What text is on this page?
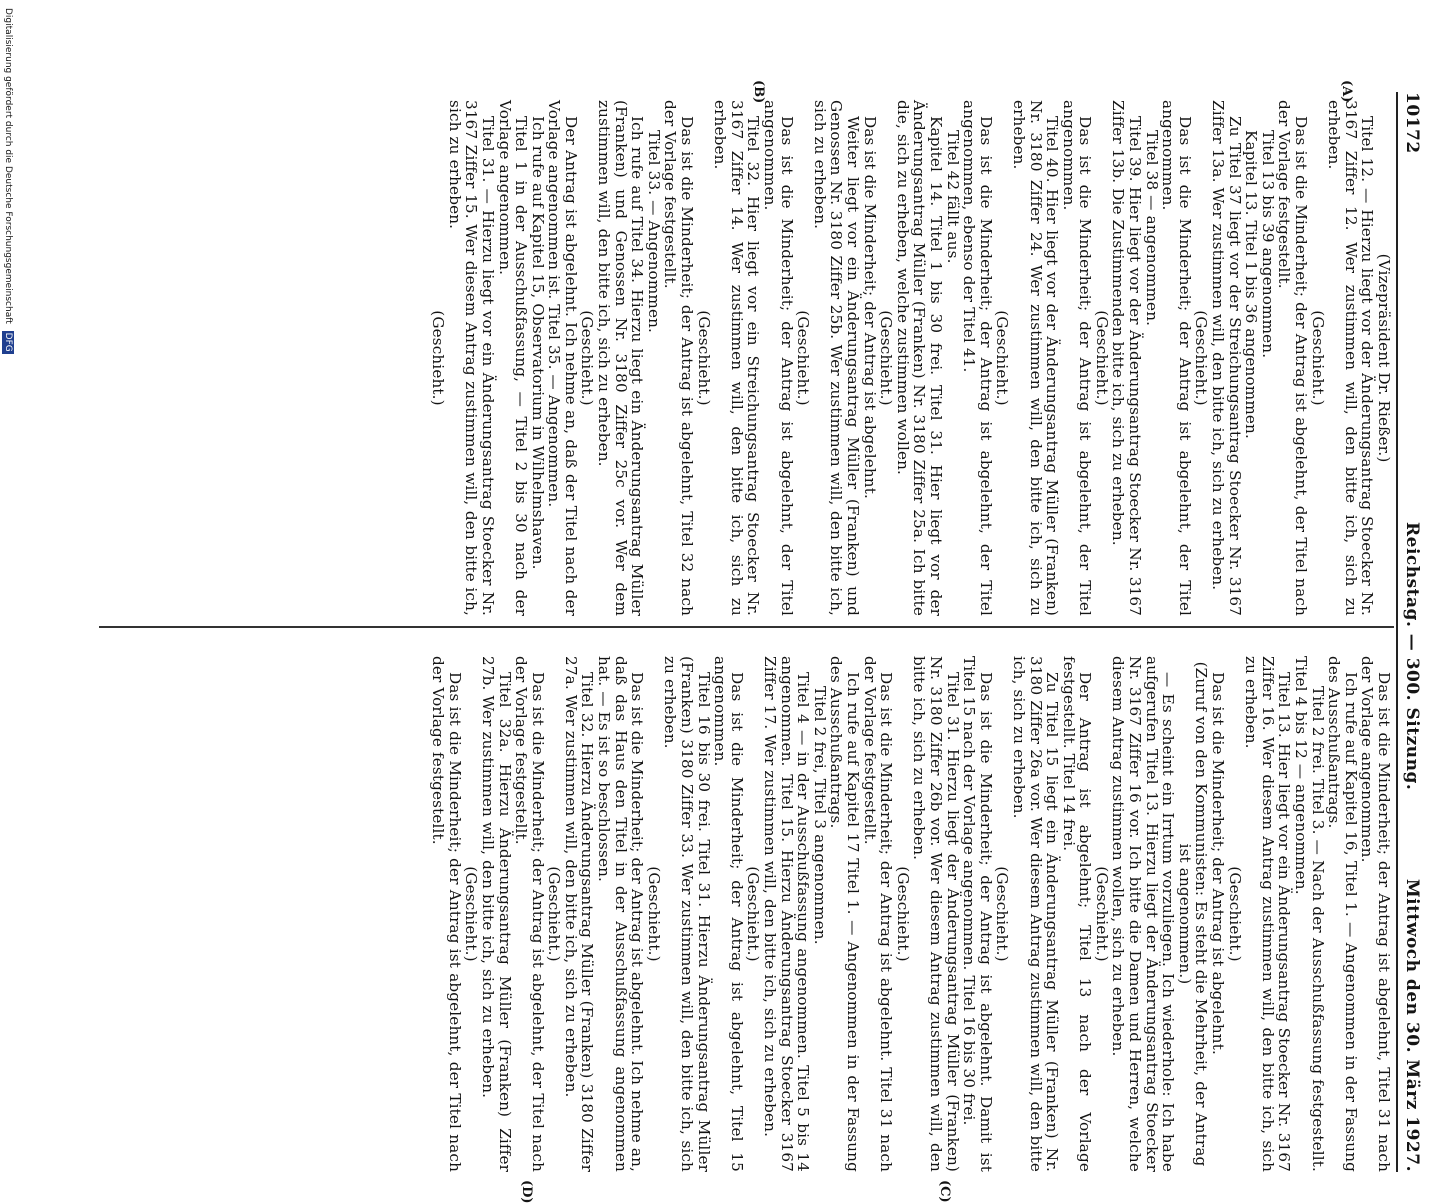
10172
Reichstag. — 300. Sitzung.
Mittwoch den 30. März 1927.
(A)
(B)
(C)
(D)

(Vizepräsident Dr. Rießer.)

Titel 12. — Hierzu liegt vor der Änderungsantrag Stoecker Nr. 3167 Ziffer 12. Wer zustimmen will, den bitte ich, sich zu erheben.

(Geschieht.)

Das ist die Minderheit; der Antrag ist abgelehnt, der Titel nach der Vorlage festgestellt.

Titel 13 bis 39 angenommen.

Kapitel 13. Titel 1 bis 36 angenommen.

Zu Titel 37 liegt vor der Streichungsantrag Stoecker Nr. 3167 Ziffer 13a. Wer zustimmen will, den bitte ich, sich zu erheben.

(Geschieht.)

Das ist die Minderheit; der Antrag ist abgelehnt, der Titel angenommen.

Titel 38 — angenommen.

Titel 39. Hier liegt vor der Änderungsantrag Stoecker Nr. 3167 Ziffer 13b. Die Zustimmenden bitte ich, sich zu erheben.

(Geschieht.)

Das ist die Minderheit; der Antrag ist abgelehnt, der Titel angenommen.

Titel 40. Hier liegt vor der Änderungsantrag Müller (Franken) Nr. 3180 Ziffer 24. Wer zustimmen will, den bitte ich, sich zu erheben.

(Geschieht.)

Das ist die Minderheit; der Antrag ist abgelehnt, der Titel angenommen, ebenso der Titel 41.

Titel 42 fällt aus.

Kapitel 14. Titel 1 bis 30 frei. Titel 31. Hier liegt vor der Änderungsantrag Müller (Franken) Nr. 3180 Ziffer 25a. Ich bitte die, sich zu erheben, welche zustimmen wollen.

(Geschieht.)

Das ist die Minderheit; der Antrag ist abgelehnt.

Weiter liegt vor ein Änderungsantrag Müller (Franken) und Genossen Nr. 3180 Ziffer 25b. Wer zustimmen will, den bitte ich, sich zu erheben.

(Geschieht.)

Das ist die Minderheit; der Antrag ist abgelehnt, der Titel angenommen.

Titel 32. Hier liegt vor ein Streichungsantrag Stoecker Nr. 3167 Ziffer 14. Wer zustimmen will, den bitte ich, sich zu erheben.

(Geschieht.)

Das ist die Minderheit; der Antrag ist abgelehnt, Titel 32 nach der Vorlage festgestellt.

Titel 33. — Angenommen.

Ich rufe auf Titel 34. Hierzu liegt ein Änderungsantrag Müller (Franken) und Genossen Nr. 3180 Ziffer 25c vor. Wer dem zustimmen will, den bitte ich, sich zu erheben.

(Geschieht.)

Der Antrag ist abgelehnt. Ich nehme an, daß der Titel nach der Vorlage angenommen ist. Titel 35. — Angenommen.

Ich rufe auf Kapitel 15, Observatorium in Wilhelmshaven.

Titel 1 in der Ausschußfassung, — Titel 2 bis 30 nach der Vorlage angenommen.

Titel 31. — Hierzu liegt vor ein Änderungsantrag Stoecker Nr. 3167 Ziffer 15. Wer diesem Antrag zustimmen will, den bitte ich, sich zu erheben.

(Geschieht.)

Das ist die Minderheit; der Antrag ist abgelehnt, Titel 31 nach der Vorlage angenommen.

Ich rufe auf Kapitel 16, Titel 1. — Angenommen in der Fassung des Ausschußantrags.

Titel 2 frei. Titel 3. — Nach der Ausschußfassung festgestellt. Titel 4 bis 12 — angenommen.

Titel 13. Hier liegt vor ein Änderungsantrag Stoecker Nr. 3167 Ziffer 16. Wer diesem Antrag zustimmen will, den bitte ich, sich zu erheben.

(Geschieht.)

Das ist die Minderheit; der Antrag ist abgelehnt.

(Zuruf von den Kommunisten: Es steht die Mehrheit, der Antrag ist angenommen.)

— Es scheint ein Irrtum vorzuliegen. Ich wiederhole: Ich habe aufgerufen Titel 13. Hierzu liegt der Änderungsantrag Stoecker Nr. 3167 Ziffer 16 vor. Ich bitte die Damen und Herren, welche diesem Antrag zustimmen wollen, sich zu erheben.

(Geschieht.)

Der Antrag ist abgelehnt; Titel 13 nach der Vorlage festgestellt. Titel 14 frei.

Zu Titel 15 liegt ein Änderungsantrag Müller (Franken) Nr. 3180 Ziffer 26a vor. Wer diesem Antrag zustimmen will, den bitte ich, sich zu erheben.

(Geschieht.)

Das ist die Minderheit; der Antrag ist abgelehnt. Damit ist Titel 15 nach der Vorlage angenommen. Titel 16 bis 30 frei.

Titel 31. Hierzu liegt der Änderungsantrag Müller (Franken) Nr. 3180 Ziffer 26b vor. Wer diesem Antrag zustimmen will, den bitte ich, sich zu erheben.

(Geschieht.)

Das ist die Minderheit; der Antrag ist abgelehnt. Titel 31 nach der Vorlage festgestellt.

Ich rufe auf Kapitel 17 Titel 1. — Angenommen in der Fassung des Ausschußantrags.

Titel 2 frei, Titel 3 angenommen.

Titel 4 — in der Ausschußfassung angenommen. Titel 5 bis 14 angenommen. Titel 15. Hierzu Änderungsantrag Stoecker 3167 Ziffer 17. Wer zustimmen will, den bitte ich, sich zu erheben.

(Geschieht.)

Das ist die Minderheit; der Antrag ist abgelehnt, Titel 15 angenommen.

Titel 16 bis 30 frei. Titel 31. Hierzu Änderungsantrag Müller (Franken) 3180 Ziffer 33. Wer zustimmen will, den bitte ich, sich zu erheben.

(Geschieht.)

Das ist die Minderheit; der Antrag ist abgelehnt. Ich nehme an, daß das Haus den Titel in der Ausschußfassung angenommen hat. — Es ist so beschlossen.

Titel 32. Hierzu Änderungsantrag Müller (Franken) 3180 Ziffer 27a. Wer zustimmen will, den bitte ich, sich zu erheben.

(Geschieht.)

Das ist die Minderheit; der Antrag ist abgelehnt, der Titel nach der Vorlage festgestellt.

Titel 32a. Hierzu Änderungsantrag Müller (Franken) Ziffer 27b. Wer zustimmen will, den bitte ich, sich zu erheben.

(Geschieht.)

Das ist die Minderheit; der Antrag ist abgelehnt, der Titel nach der Vorlage festgestellt.

Digitalisierung gefördert durch die Deutsche Forschungsgemeinschaft DFG
